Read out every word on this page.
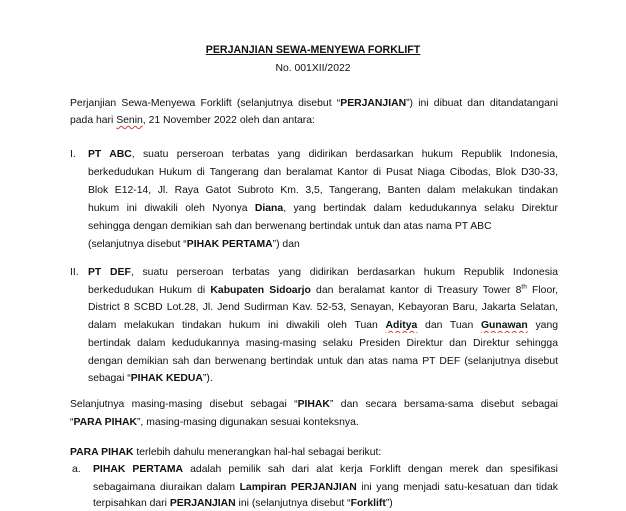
PERJANJIAN SEWA-MENYEWA FORKLIFT
No. 001XII/2022
Perjanjian Sewa-Menyewa Forklift (selanjutnya disebut “PERJANJIAN”) ini dibuat dan ditandatangani
pada hari Senin, 21 November 2022 oleh dan antara:
I. PT ABC, suatu perseroan terbatas yang didirikan berdasarkan hukum Republik Indonesia,
berkedudukan Hukum di Tangerang dan beralamat Kantor di Pusat Niaga Cibodas, Blok D30-33,
Blok E12-14, Jl. Raya Gatot Subroto Km. 3,5, Tangerang, Banten dalam melakukan tindakan
hukum ini diwakili oleh Nyonya Diana, yang bertindak dalam kedudukannya selaku Direktur
sehingga dengan demikian sah dan berwenang bertindak untuk dan atas nama PT ABC
(selanjutnya disebut “PIHAK PERTAMA”) dan
II. PT DEF, suatu perseroan terbatas yang didirikan berdasarkan hukum Republik Indonesia
berkedudukan Hukum di Kabupaten Sidoarjo dan beralamat kantor di Treasury Tower 8th Floor,
District 8 SCBD Lot.28, Jl. Jend Sudirman Kav. 52-53, Senayan, Kebayoran Baru, Jakarta Selatan,
dalam melakukan tindakan hukum ini diwakili oleh Tuan Aditya dan Tuan Gunawan yang
bertindak dalam kedudukannya masing-masing selaku Presiden Direktur dan Direktur sehingga
dengan demikian sah dan berwenang bertindak untuk dan atas nama PT DEF (selanjutnya disebut
sebagai “PIHAK KEDUA”).
Selanjutnya masing-masing disebut sebagai “PIHAK” dan secara bersama-sama disebut sebagai
“PARA PIHAK”, masing-masing digunakan sesuai konteksnya.
PARA PIHAK terlebih dahulu menerangkan hal-hal sebagai berikut:
a. PIHAK PERTAMA adalah pemilik sah dari alat kerja Forklift dengan merek dan spesifikasi
sebagaimana diuraikan dalam Lampiran PERJANJIAN ini yang menjadi satu-kesatuan dan tidak
terpisahkan dari PERJANJIAN ini (selanjutnya disebut “Forklift”)
